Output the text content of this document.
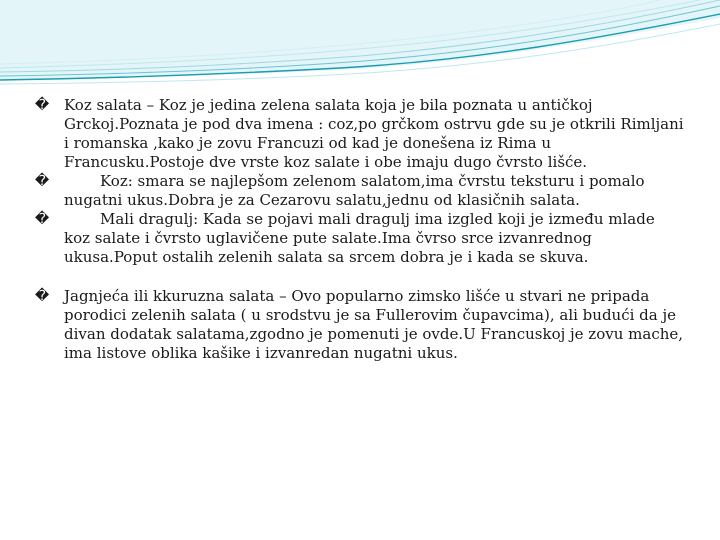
� Koz salata – Koz je jedina zelena salata koja je bila poznata u antičkoj Grckoj.Poznata je pod dva imena : coz,po grčkom ostrvu gde su je otkrili Rimljani i romanska ,kako je zovu Francuzi od kad je donešena iz Rima u Francusku.Postoje dve vrste koz salate i obe imaju dugo čvrsto lišće.
�	Koz: smara se najlepšom zelenom salatom,ima čvrstu teksturu i pomalo nugatni ukus.Dobra je za Cezarovu salatu,jednu od klasičnih salata.
�	Mali dragulj: Kada se pojavi mali dragulj ima izgled koji je između mlade koz salate i čvrsto uglavičene pute salate.Ima čvrso srce izvanrednog ukusa.Poput ostalih zelenih salata sa srcem dobra je i kada se skuva.
� Jagnjeća ili kkuruzna salata – Ovo popularno zimsko lišće u stvari ne pripada porodici zelenih salata ( u srodstvu je sa Fullerovim čupavcima), ali budući da je divan dodatak salatama,zgodno je pomenuti je ovde.U Francuskoj je zovu mache, ima listove oblika kašike i izvanredan nugatni ukus.
